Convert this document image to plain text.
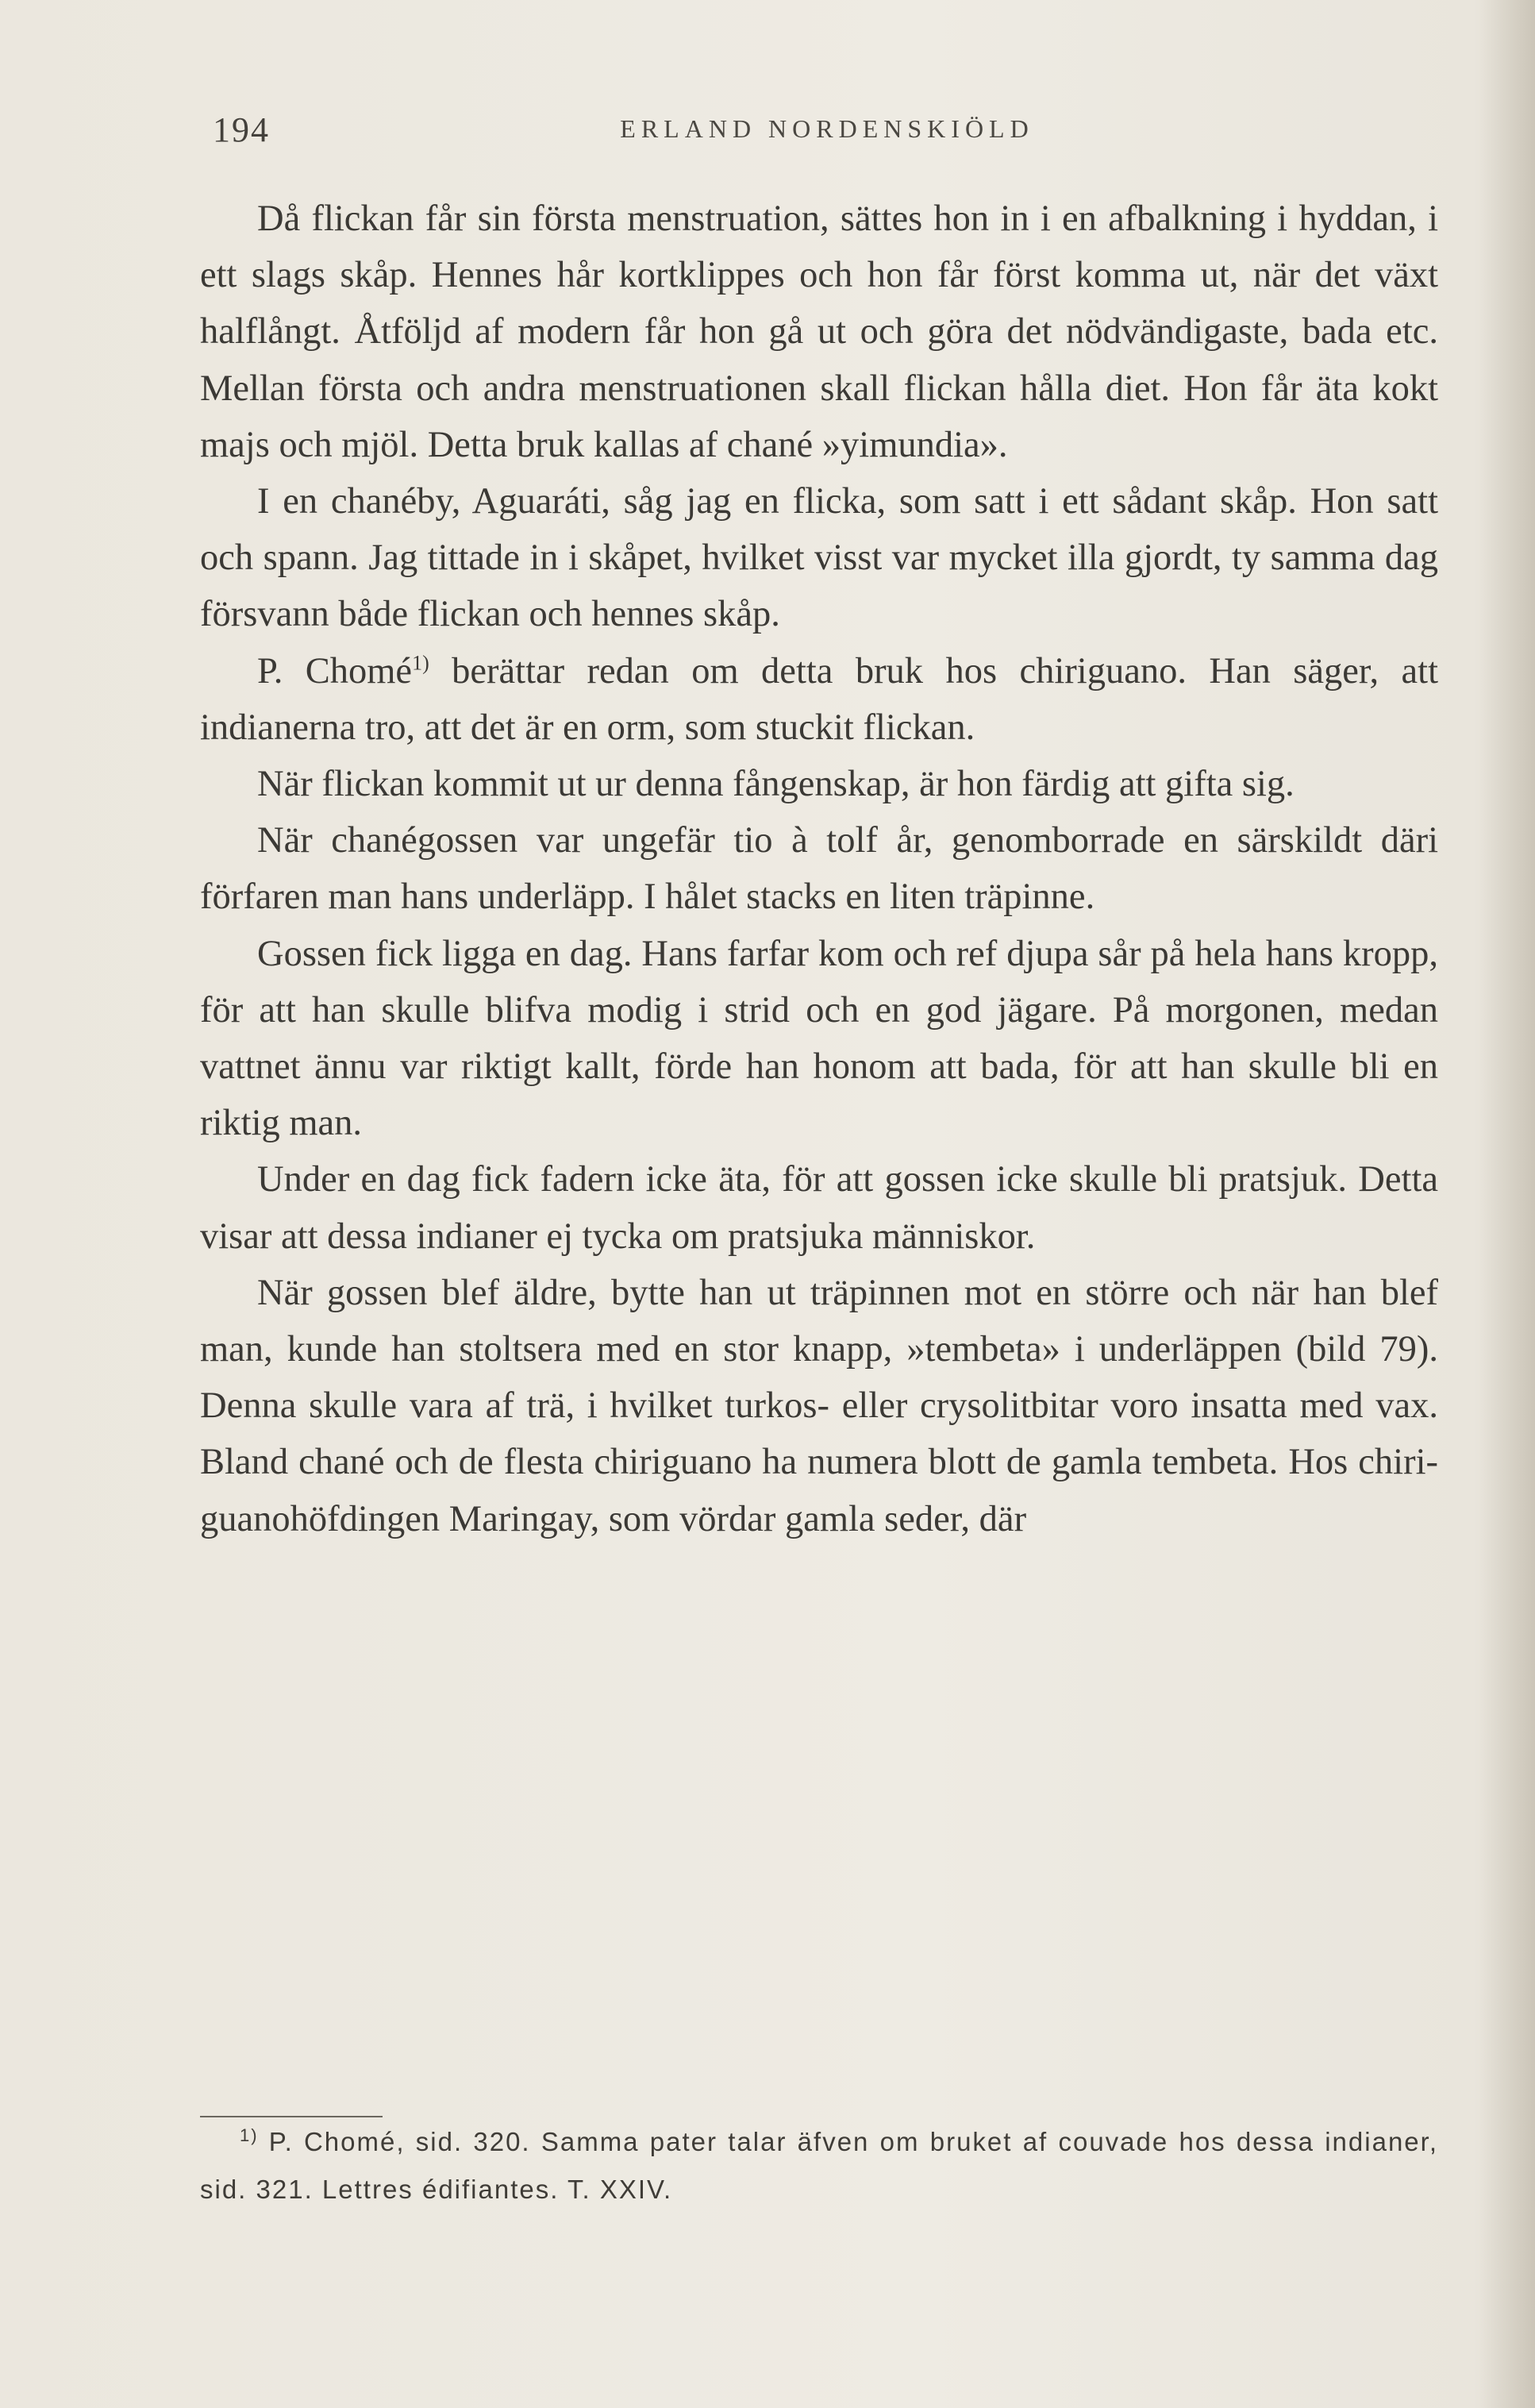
194	ERLAND NORDENSKIÖLD

Då flickan får sin första menstruation, sättes hon in i en afbalkning i hyddan, i ett slags skåp. Hennes hår kortklippes och hon får först komma ut, när det växt halflångt. Åtföljd af modern får hon gå ut och göra det nödvändigaste, bada etc. Mellan första och andra menstruationen skall flickan hålla diet. Hon får äta kokt majs och mjöl. Detta bruk kallas af chané »yimundia».

I en chanéby, Aguaráti, såg jag en flicka, som satt i ett sådant skåp. Hon satt och spann. Jag tittade in i skåpet, hvilket visst var mycket illa gjordt, ty samma dag försvann både flickan och hennes skåp.

P. Chomé$^{1)}$ berättar redan om detta bruk hos chiriguano. Han säger, att indianerna tro, att det är en orm, som stuckit flickan.

När flickan kommit ut ur denna fångenskap, är hon färdig att gifta sig.

När chanégossen var ungefär tio à tolf år, genomborrade en särskildt däri förfaren man hans underläpp. I hålet stacks en liten träpinne.

Gossen fick ligga en dag. Hans farfar kom och ref djupa sår på hela hans kropp, för att han skulle blifva modig i strid och en god jägare. På morgonen, medan vattnet ännu var riktigt kallt, förde han honom att bada, för att han skulle bli en riktig man.

Under en dag fick fadern icke äta, för att gossen icke skulle bli pratsjuk. Detta visar att dessa indianer ej tycka om pratsjuka människor.

När gossen blef äldre, bytte han ut träpinnen mot en större och när han blef man, kunde han stoltsera med en stor knapp, »tembeta» i underläppen (bild 79). Denna skulle vara af trä, i hvilket turkos- eller crysolitbitar voro insatta med vax. Bland chané och de flesta chiriguano ha numera blott de gamla tembeta. Hos chiriguanohöfdingen Maringay, som vördar gamla seder, där

$^{1)}$ P. Chomé, sid. 320. Samma pater talar äfven om bruket af couvade hos dessa indianer, sid. 321. Lettres édifiantes. T. XXIV.
